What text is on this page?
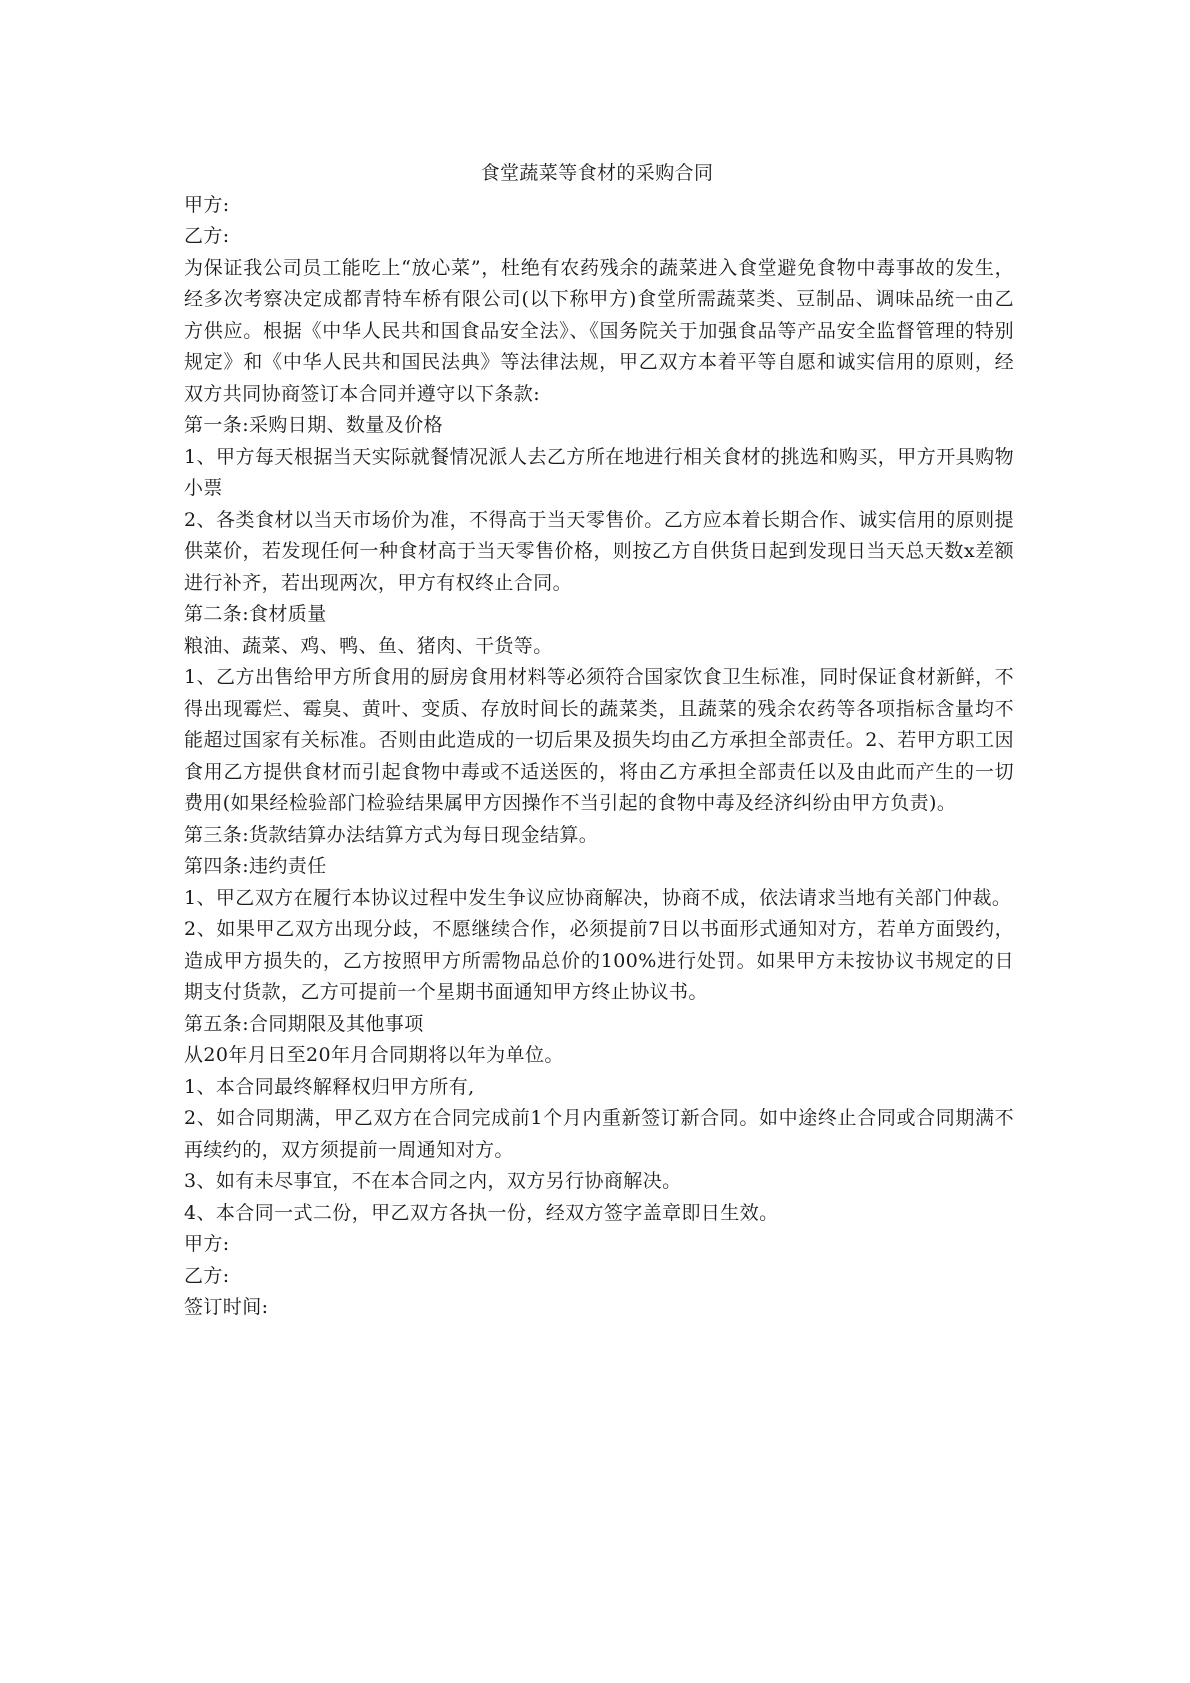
食堂蔬菜等食材的采购合同

甲方:

乙方:

为保证我公司员工能吃上“放心菜”，杜绝有农药残余的蔬菜进入食堂避免食物中毒事故的发生，经多次考察决定成都青特车桥有限公司(以下称甲方)食堂所需蔬菜类、豆制品、调味品统一由乙方供应。根据《中华人民共和国食品安全法》、《国务院关于加强食品等产品安全监督管理的特别规定》和《中华人民共和国民法典》等法律法规，甲乙双方本着平等自愿和诚实信用的原则，经双方共同协商签订本合同并遵守以下条款:

第一条:采购日期、数量及价格

1、甲方每天根据当天实际就餐情况派人去乙方所在地进行相关食材的挑选和购买，甲方开具购物小票

2、各类食材以当天市场价为准，不得高于当天零售价。乙方应本着长期合作、诚实信用的原则提供菜价，若发现任何一种食材高于当天零售价格，则按乙方自供货日起到发现日当天总天数x差额进行补齐，若出现两次，甲方有权终止合同。

第二条:食材质量

粮油、蔬菜、鸡、鸭、鱼、猪肉、干货等。

1、乙方出售给甲方所食用的厨房食用材料等必须符合国家饮食卫生标准，同时保证食材新鲜，不得出现霉烂、霉臭、黄叶、变质、存放时间长的蔬菜类，且蔬菜的残余农药等各项指标含量均不能超过国家有关标准。否则由此造成的一切后果及损失均由乙方承担全部责任。2、若甲方职工因食用乙方提供食材而引起食物中毒或不适送医的，将由乙方承担全部责任以及由此而产生的一切费用(如果经检验部门检验结果属甲方因操作不当引起的食物中毒及经济纠纷由甲方负责)。

第三条:货款结算办法结算方式为每日现金结算。

第四条:违约责任

1、甲乙双方在履行本协议过程中发生争议应协商解决，协商不成，依法请求当地有关部门仲裁。

2、如果甲乙双方出现分歧，不愿继续合作，必须提前7日以书面形式通知对方，若单方面毁约，造成甲方损失的，乙方按照甲方所需物品总价的100%进行处罚。如果甲方未按协议书规定的日期支付货款，乙方可提前一个星期书面通知甲方终止协议书。

第五条:合同期限及其他事项

从20年月日至20年月合同期将以年为单位。

1、本合同最终解释权归甲方所有,

2、如合同期满，甲乙双方在合同完成前1个月内重新签订新合同。如中途终止合同或合同期满不再续约的，双方须提前一周通知对方。

3、如有未尽事宜，不在本合同之内，双方另行协商解决。

4、本合同一式二份，甲乙双方各执一份，经双方签字盖章即日生效。

甲方:

乙方:

签订时间:
